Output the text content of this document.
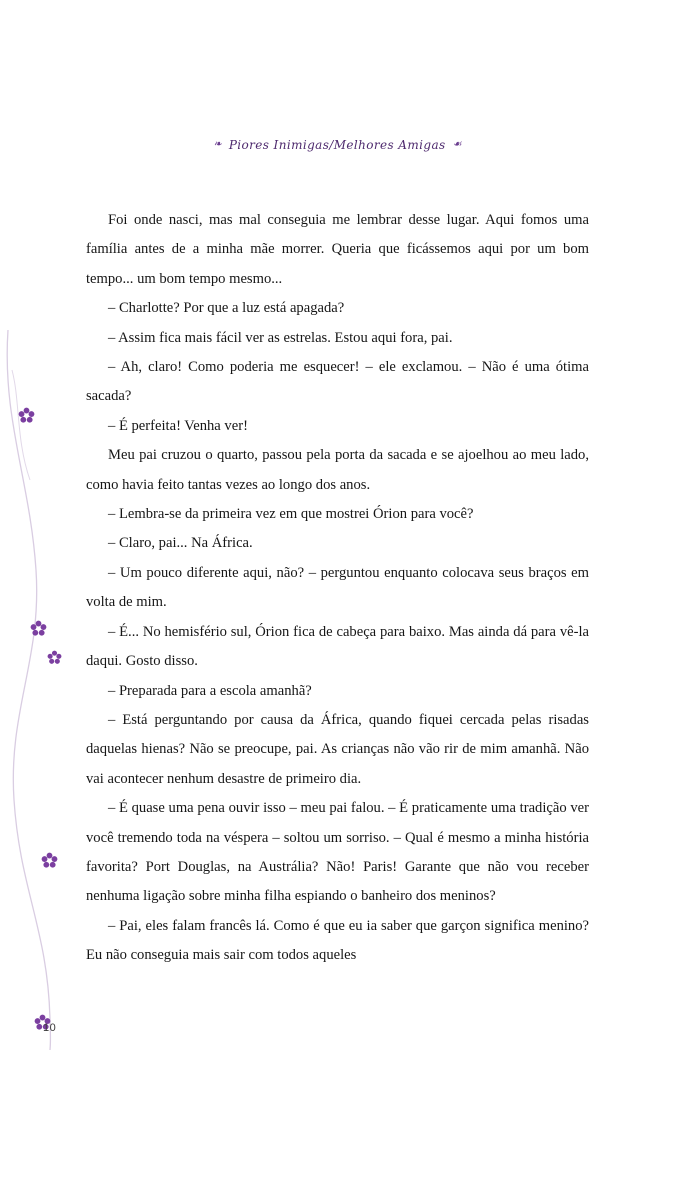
❧ Piores Inimigas/Melhores Amigas ☙

Foi onde nasci, mas mal conseguia me lembrar desse lugar. Aqui fomos uma família antes de a minha mãe morrer. Queria que ficássemos aqui por um bom tempo... um bom tempo mesmo...

– Charlotte? Por que a luz está apagada?

– Assim fica mais fácil ver as estrelas. Estou aqui fora, pai.

– Ah, claro! Como poderia me esquecer! – ele exclamou. – Não é uma ótima sacada?

– É perfeita! Venha ver!

Meu pai cruzou o quarto, passou pela porta da sacada e se ajoelhou ao meu lado, como havia feito tantas vezes ao longo dos anos.

– Lembra-se da primeira vez em que mostrei Órion para você?

– Claro, pai... Na África.

– Um pouco diferente aqui, não? – perguntou enquanto colocava seus braços em volta de mim.

– É... No hemisfério sul, Órion fica de cabeça para baixo. Mas ainda dá para vê-la daqui. Gosto disso.

– Preparada para a escola amanhã?

– Está perguntando por causa da África, quando fiquei cercada pelas risadas daquelas hienas? Não se preocupe, pai. As crianças não vão rir de mim amanhã. Não vai acontecer nenhum desastre de primeiro dia.

– É quase uma pena ouvir isso – meu pai falou. – É praticamente uma tradição ver você tremendo toda na véspera – soltou um sorriso. – Qual é mesmo a minha história favorita? Port Douglas, na Austrália? Não! Paris! Garante que não vou receber nenhuma ligação sobre minha filha espiando o banheiro dos meninos?

– Pai, eles falam francês lá. Como é que eu ia saber que garçon significa menino? Eu não conseguia mais sair com todos aqueles

10
